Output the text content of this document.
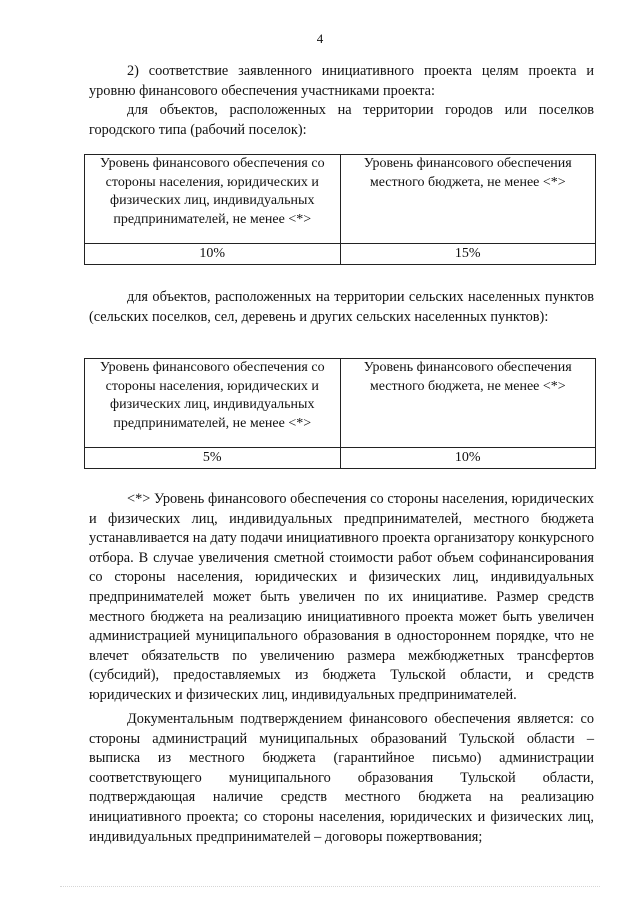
4
2) соответствие заявленного инициативного проекта целям проекта и уровню финансового обеспечения участниками проекта:
для объектов, расположенных на территории городов или поселков городского типа (рабочий поселок):
Уровень финансового обеспечения со стороны населения, юридических и физических лиц, индивидуальных предпринимателей, не менее <*>	Уровень финансового обеспечения местного бюджета, не менее <*>
10%	15%
для объектов, расположенных на территории сельских населенных пунктов (сельских поселков, сел, деревень и других сельских населенных пунктов):
Уровень финансового обеспечения со стороны населения, юридических и физических лиц, индивидуальных предпринимателей, не менее <*>	Уровень финансового обеспечения местного бюджета, не менее <*>
5%	10%
<*> Уровень финансового обеспечения со стороны населения, юридических и физических лиц, индивидуальных предпринимателей, местного бюджета устанавливается на дату подачи инициативного проекта организатору конкурсного отбора. В случае увеличения сметной стоимости работ объем софинансирования со стороны населения, юридических и физических лиц, индивидуальных предпринимателей может быть увеличен по их инициативе. Размер средств местного бюджета на реализацию инициативного проекта может быть увеличен администрацией муниципального образования в одностороннем порядке, что не влечет обязательств по увеличению размера межбюджетных трансфертов (субсидий), предоставляемых из бюджета Тульской области, и средств юридических и физических лиц, индивидуальных предпринимателей.
Документальным подтверждением финансового обеспечения является: со стороны администраций муниципальных образований Тульской области – выписка из местного бюджета (гарантийное письмо) администрации соответствующего муниципального образования Тульской области, подтверждающая наличие средств местного бюджета на реализацию инициативного проекта; со стороны населения, юридических и физических лиц, индивидуальных предпринимателей – договоры пожертвования;
